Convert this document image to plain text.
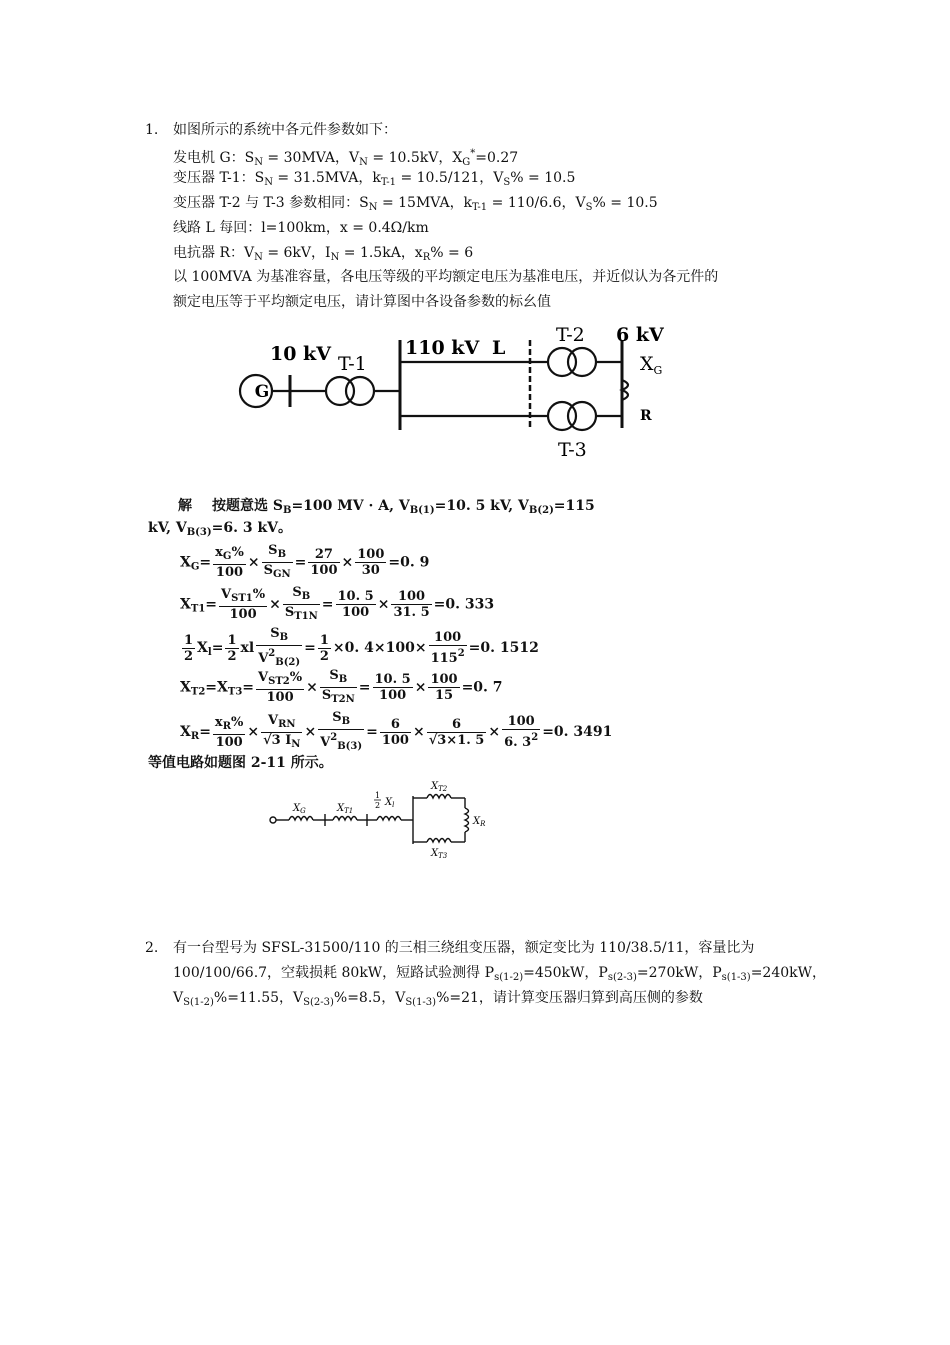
1. 如图所示的系统中各元件参数如下：
发电机 G：$S_N = 30MVA$，$V_N = 10.5kV$，$X_G^*=0.27$
变压器 T-1：$S_N = 31.5MVA$，$k_{T-1} = 10.5/121$，$V_S\% = 10.5$
变压器 T-2 与 T-3 参数相同：$S_N = 15MVA$，$k_{T-1} = 110/6.6$，$V_S\% = 10.5$
线路 L 每回：l=100km，x = 0.4Ω/km
电抗器 R：$V_N = 6kV$，$I_N = 1.5kA$，$x_R\% = 6$
以 100MVA 为基准容量，各电压等级的平均额定电压为基准电压，并近似认为各元件的
额定电压等于平均额定电压，请计算图中各设备参数的标幺值
G
10 kV T-1
110 kV L
T-2 6 kV
$X_G$
R
T-3
解 按题意选 $S_B=100$ MV · A, $V_{B(1)}=10$. 5 kV, $V_{B(2)}=115$
kV, $V_{B(3)}=6$. 3 kV。
$X_G= \frac{x_G\%}{100} \times \frac{S_B}{S_{GN}} = \frac{27}{100} \times \frac{100}{30} =0$. 9
$X_{T1}= \frac{V_{ST1}\%}{100} \times \frac{S_B}{S_{T1N}} = \frac{10. 5}{100} \times \frac{100}{31. 5} =0$. 333
$\frac{1}{2} X_l= \frac{1}{2}$ xl $\frac{S_B}{V^2_{B(2)}} = \frac{1}{2} \times 0$. $4\times 100\times \frac{100}{115^2} =0$. 1512
$X_{T2}=X_{T3}= \frac{V_{ST2}\%}{100} \times \frac{S_B}{S_{T2N}} = \frac{10. 5}{100} \times \frac{100}{15} =0$. 7
$X_R= \frac{x_R\%}{100} \times \frac{V_{RN}}{√3 I_N} \times \frac{S_B}{V^2_{B(3)}} = \frac{6}{100} \times \frac{6}{√3\times 1. 5} \times \frac{100}{6. 3^2} =0$. 3491
等值电路如题图 2-11 所示。
$X_G$	$X_{T1}$
1
2 $X_l$
$X_{T2}$
$X_{T3}$
$X_R$
2. 有一台型号为 SFSL-31500/110 的三相三绕组变压器，额定变比为 110/38.5/11，容量比为
100/100/66.7，空载损耗 80kW，短路试验测得 $P_{s(1-2)}=450kW$，$P_{s(2-3)}=270kW$，$P_{s(1-3)}=240kW$，
$V_{S(1-2)}\%=11.55$，$V_{S(2-3)}\%=8.5$，$V_{S(1-3)}\%=21$，请计算变压器归算到高压侧的参数
